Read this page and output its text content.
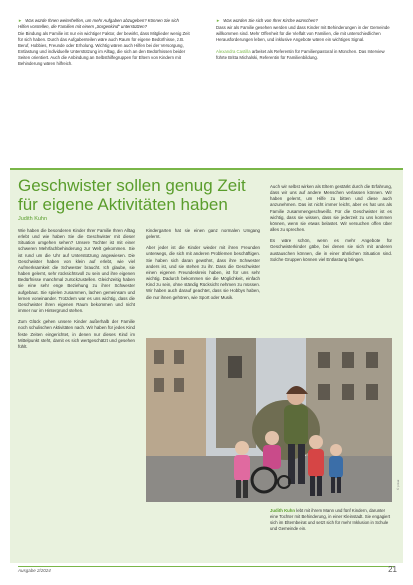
► Was würde Ihnen weiterhelfen, um mehr Aufgaben abzugeben? Können Sie sich Hilfen vorstellen, die Familien mit einem „Sorgenkind“ unterstützen?
Die Bindung als Familie ist nur ein wichtiger Faktor, der bewirkt, dass Mitglieder wenig Zeit für sich haben. Durch das Aufgabenteilen wäre auch Raum für eigene Bedürfnisse, z.B. Beruf, Hobbies, Freunde oder Erholung. Wichtig wären auch Hilfen bei der Versorgung, Entlastung und individuelle Unterstützung im Alltag, die sich an den Bedürfnissen beider Seiten orientiert. Auch die Anbindung an Selbsthilfegruppen für Eltern von Kindern mit Behinderung wären hilfreich.
► Was würden Sie sich von Ihrer Kirche wünschen?
Dass wir als Familie gesehen werden und dass Kinder mit Behinderungen in der Gemeinde willkommen sind. Mehr Offenheit für die Vielfalt von Familien, die mit unterschiedlichen Herausforderungen leben, und inklusive Angebote wären ein wichtiges Signal.
Alexandra Castilla arbeitet als Referentin für Familienpastoral in München. Das Interview führte Britta Michalski, Referentin für Familienbildung.
Geschwister sollen genug Zeit für eigene Aktivitäten haben
Judith Kuhn

Wie haben die besonderen Kinder Ihrer Familie Ihren Alltag erlebt und wie haben Sie die Geschwister mit dieser Situation umgehen sehen? Unsere Tochter ist mit einer schweren Mehrfachbehinderung zur Welt gekommen. Sie ist rund um die Uhr auf Unterstützung angewiesen. Die Geschwister haben von klein auf erlebt, wie viel Aufmerksamkeit die Schwester braucht. Ich glaube, sie haben gelernt, sehr rücksichtsvoll zu sein und ihre eigenen Bedürfnisse manchmal zurückzustellen. Gleichzeitig haben sie eine sehr enge Beziehung zu ihrer Schwester aufgebaut. Sie spielen zusammen, lachen gemeinsam und lernen voneinander. Trotzdem war es uns wichtig, dass die Geschwister ihren eigenen Raum bekommen und nicht immer nur im Hintergrund stehen.

Zum Glück gehen unsere Kinder außerhalb der Familie noch schulischen Aktivitäten nach. Wir haben für jedes Kind feste Zeiten eingerichtet, in denen nur dieses Kind im Mittelpunkt steht, damit es sich wertgeschätzt und gesehen fühlt.

Kindergarten hat sie einen ganz normalen Umgang gelernt.

Aber jeder ist die Kinder wieder mit ihren Freunden unterwegs, die sich mit anderen Problemen beschäftigen. Sie haben sich daran gewöhnt, dass ihre Schwester anders ist, und sie stehen zu ihr. Dass die Geschwister einen eigenen Freundeskreis haben, ist für uns sehr wichtig. Dadurch bekommen sie die Möglichkeit, einfach Kind zu sein, ohne ständig Rücksicht nehmen zu müssen. Wir haben auch darauf geachtet, dass sie Hobbys haben, die nur ihnen gehören, wie Sport oder Musik.

Auch wir selbst wirken als Eltern gestärkt durch die Erfahrung, dass wir uns auf andere Menschen verlassen können. Wir haben gelernt, um Hilfe zu bitten und diese auch anzunehmen. Das ist nicht immer leicht, aber es hat uns als Familie zusammengeschweißt. Für die Geschwister ist es wichtig, dass sie wissen, dass sie jederzeit zu uns kommen können, wenn sie etwas belastet. Wir versuchen offen über alles zu sprechen.

Es wäre schön, wenn es mehr Angebote für Geschwisterkinder gäbe, bei denen sie sich mit anderen austauschen können, die in einer ähnlichen Situation sind. Solche Gruppen können viel Entlastung bringen.

© privat
Judith Kuhn lebt mit ihrem Mann und fünf Kindern, darunter eine Tochter mit Behinderung, in einer Kleinstadt. Sie engagiert sich im Elternbeirat und setzt sich für mehr Inklusion in Schule und Gemeinde ein.
Ausgabe 2/2024	21
